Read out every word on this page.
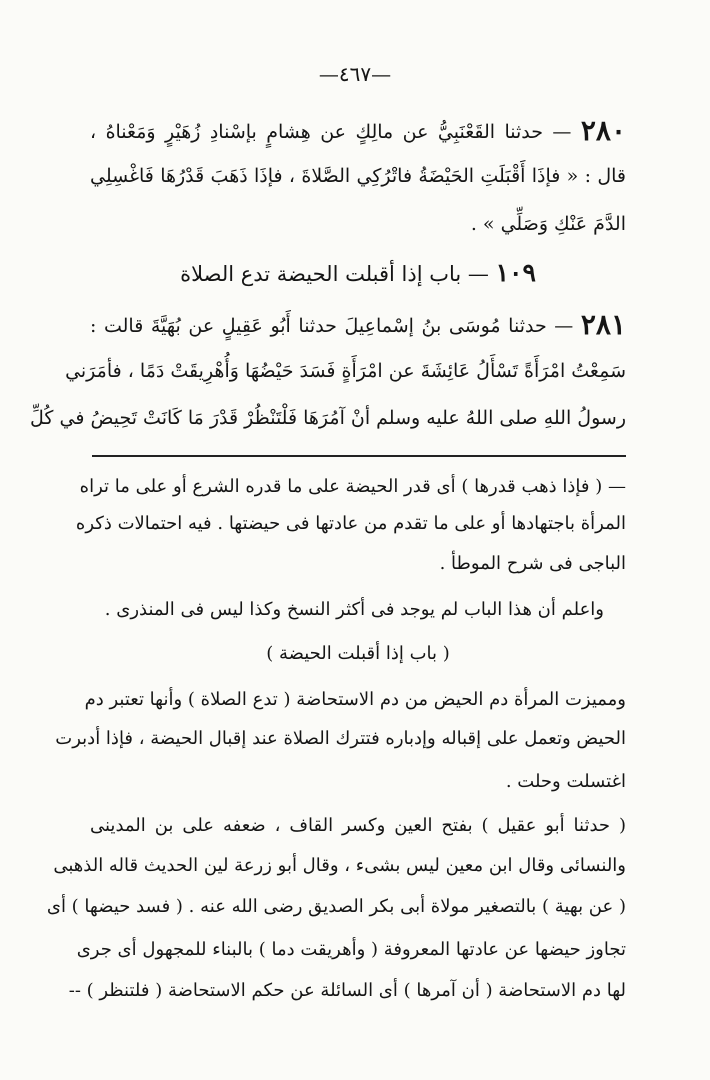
—٤٦٧—
٢٨٠ — حدثنا القَعْنَبِيُّ عن مالِكٍ عن هِشامٍ بإسْنادِ زُهَيْرٍ وَمَعْناهُ ،
قال : « فإذَا أَقْبَلَتِ الحَيْضَةُ فاتْرُكِي الصَّلاةَ ، فإذَا ذَهَبَ قَدْرُهَا فَاغْسِلِي
الدَّمَ عَنْكِ وَصَلِّي » .
١٠٩ — باب إذا أقبلت الحيضة تدع الصلاة
٢٨١ — حدثنا مُوسَى بنُ إسْماعِيلَ حدثنا أَبُو عَقِيلٍ عن بُهَيَّةَ قالت :
سَمِعْتُ امْرَأَةً تَسْأَلُ عَائِشَةَ عن امْرَأَةٍ فَسَدَ حَيْضُهَا وَأُهْرِيقَتْ دَمًا ، فأمَرَني
رسولُ اللهِ صلى اللهُ عليه وسلم أنْ آمُرَهَا فَلْتَنْظُرْ قَدْرَ مَا كَانَتْ تَحِيضُ في كُلِّ
— ( فإذا ذهب قدرها ) أى قدر الحيضة على ما قدره الشرع أو على ما تراه
المرأة باجتهادها أو على ما تقدم من عادتها فى حيضتها . فيه احتمالات ذكره
الباجى فى شرح الموطأ .
واعلم أن هذا الباب لم يوجد فى أكثر النسخ وكذا ليس فى المنذرى .
( باب إذا أقبلت الحيضة )
ومميزت المرأة دم الحيض من دم الاستحاضة ( تدع الصلاة ) وأنها تعتبر دم
الحيض وتعمل على إقباله وإدباره فتترك الصلاة عند إقبال الحيضة ، فإذا أدبرت
اغتسلت وحلت .
( حدثنا أبو عقيل ) بفتح العين وكسر القاف ، ضعفه على بن المدينى
والنسائى وقال ابن معين ليس بشىء ، وقال أبو زرعة لين الحديث قاله الذهبى
( عن بهية ) بالتصغير مولاة أبى بكر الصديق رضى الله عنه . ( فسد حيضها ) أى
تجاوز حيضها عن عادتها المعروفة ( وأهريقت دما ) بالبناء للمجهول أى جرى
لها دم الاستحاضة ( أن آمرها ) أى السائلة عن حكم الاستحاضة ( فلتنظر ) --
